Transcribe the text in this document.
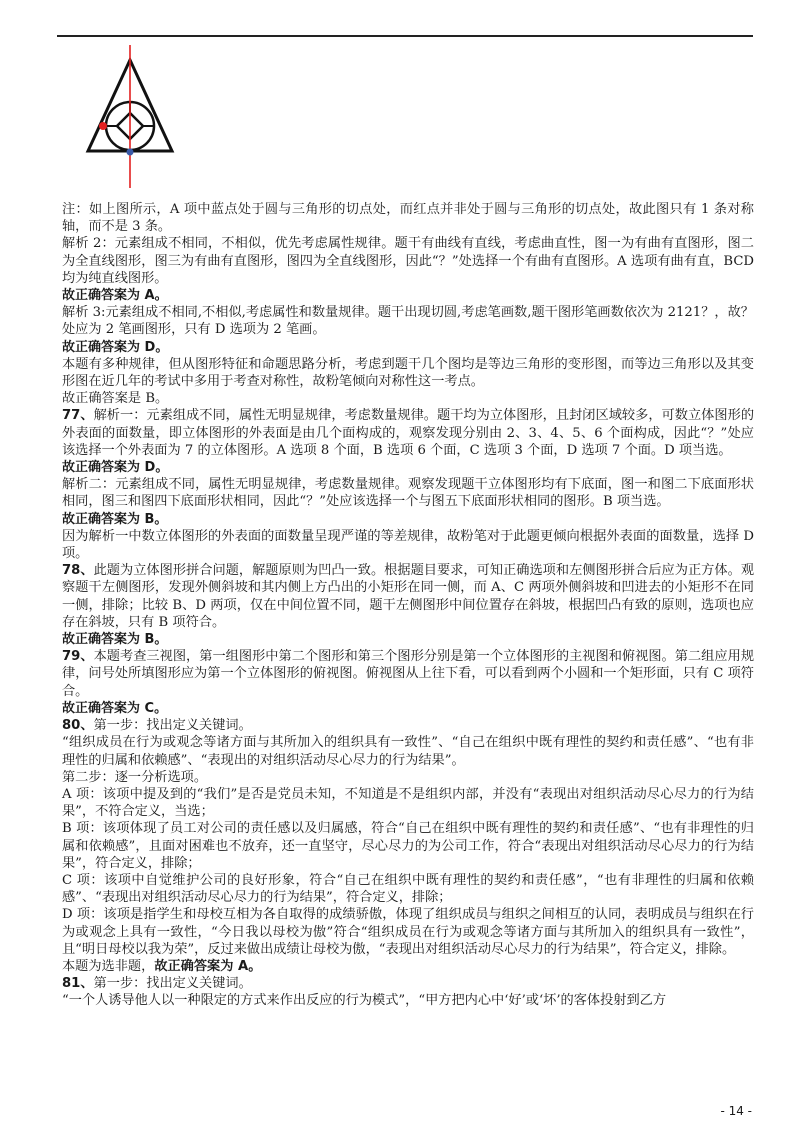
注：如上图所示，A 项中蓝点处于圆与三角形的切点处，而红点并非处于圆与三角形的切点处，故此图只有 1 条对称轴，而不是 3 条。

解析 2：元素组成不相同，不相似，优先考虑属性规律。题干有曲线有直线，考虑曲直性，图一为有曲有直图形，图二为全直线图形，图三为有曲有直图形，图四为全直线图形，因此“？”处选择一个有曲有直图形。A 选项有曲有直，BCD 均为纯直线图形。

故正确答案为 A。

解析 3:元素组成不相同,不相似,考虑属性和数量规律。题干出现切圆,考虑笔画数,题干图形笔画数依次为 2121？，故？处应为 2 笔画图形，只有 D 选项为 2 笔画。

故正确答案为 D。

本题有多种规律，但从图形特征和命题思路分析，考虑到题干几个图均是等边三角形的变形图，而等边三角形以及其变形图在近几年的考试中多用于考查对称性，故粉笔倾向对称性这一考点。

故正确答案是 B。

77、解析一：元素组成不同，属性无明显规律，考虑数量规律。题干均为立体图形，且封闭区域较多，可数立体图形的外表面的面数量，即立体图形的外表面是由几个面构成的，观察发现分别由 2、3、4、5、6 个面构成，因此“？”处应该选择一个外表面为 7 的立体图形。A 选项 8 个面，B 选项 6 个面，C 选项 3 个面，D 选项 7 个面。D 项当选。

故正确答案为 D。

解析二：元素组成不同，属性无明显规律，考虑数量规律。观察发现题干立体图形均有下底面，图一和图二下底面形状相同，图三和图四下底面形状相同，因此“？”处应该选择一个与图五下底面形状相同的图形。B 项当选。

故正确答案为 B。

因为解析一中数立体图形的外表面的面数量呈现严谨的等差规律，故粉笔对于此题更倾向根据外表面的面数量，选择 D 项。

78、此题为立体图形拼合问题，解题原则为凹凸一致。根据题目要求，可知正确选项和左侧图形拼合后应为正方体。观察题干左侧图形，发现外侧斜坡和其内侧上方凸出的小矩形在同一侧，而 A、C 两项外侧斜坡和凹进去的小矩形不在同一侧，排除；比较 B、D 两项，仅在中间位置不同，题干左侧图形中间位置存在斜坡，根据凹凸有致的原则，选项也应存在斜坡，只有 B 项符合。

故正确答案为 B。

79、本题考查三视图，第一组图形中第二个图形和第三个图形分别是第一个立体图形的主视图和俯视图。第二组应用规律，问号处所填图形应为第一个立体图形的俯视图。俯视图从上往下看，可以看到两个小圆和一个矩形面，只有 C 项符合。

故正确答案为 C。

80、第一步：找出定义关键词。

“组织成员在行为或观念等诸方面与其所加入的组织具有一致性”、“自己在组织中既有理性的契约和责任感”、“也有非理性的归属和依赖感”、“表现出的对组织活动尽心尽力的行为结果”。

第二步：逐一分析选项。

A 项：该项中提及到的“我们”是否是党员未知，不知道是不是组织内部，并没有“表现出对组织活动尽心尽力的行为结果”，不符合定义，当选；

B 项：该项体现了员工对公司的责任感以及归属感，符合“自己在组织中既有理性的契约和责任感”、“也有非理性的归属和依赖感”，且面对困难也不放弃，还一直坚守，尽心尽力的为公司工作，符合“表现出对组织活动尽心尽力的行为结果”，符合定义，排除；

C 项：该项中自觉维护公司的良好形象，符合“自己在组织中既有理性的契约和责任感”，“也有非理性的归属和依赖感”、“表现出对组织活动尽心尽力的行为结果”，符合定义，排除；

D 项：该项是指学生和母校互相为各自取得的成绩骄傲，体现了组织成员与组织之间相互的认同，表明成员与组织在行为或观念上具有一致性，“今日我以母校为傲”符合“组织成员在行为或观念等诸方面与其所加入的组织具有一致性”，且“明日母校以我为荣”，反过来做出成绩让母校为傲，“表现出对组织活动尽心尽力的行为结果”，符合定义，排除。

本题为选非题，故正确答案为 A。

81、第一步：找出定义关键词。

“一个人诱导他人以一种限定的方式来作出反应的行为模式”，“甲方把内心中‘好’或‘坏’的客体投射到乙方

- 14 -
